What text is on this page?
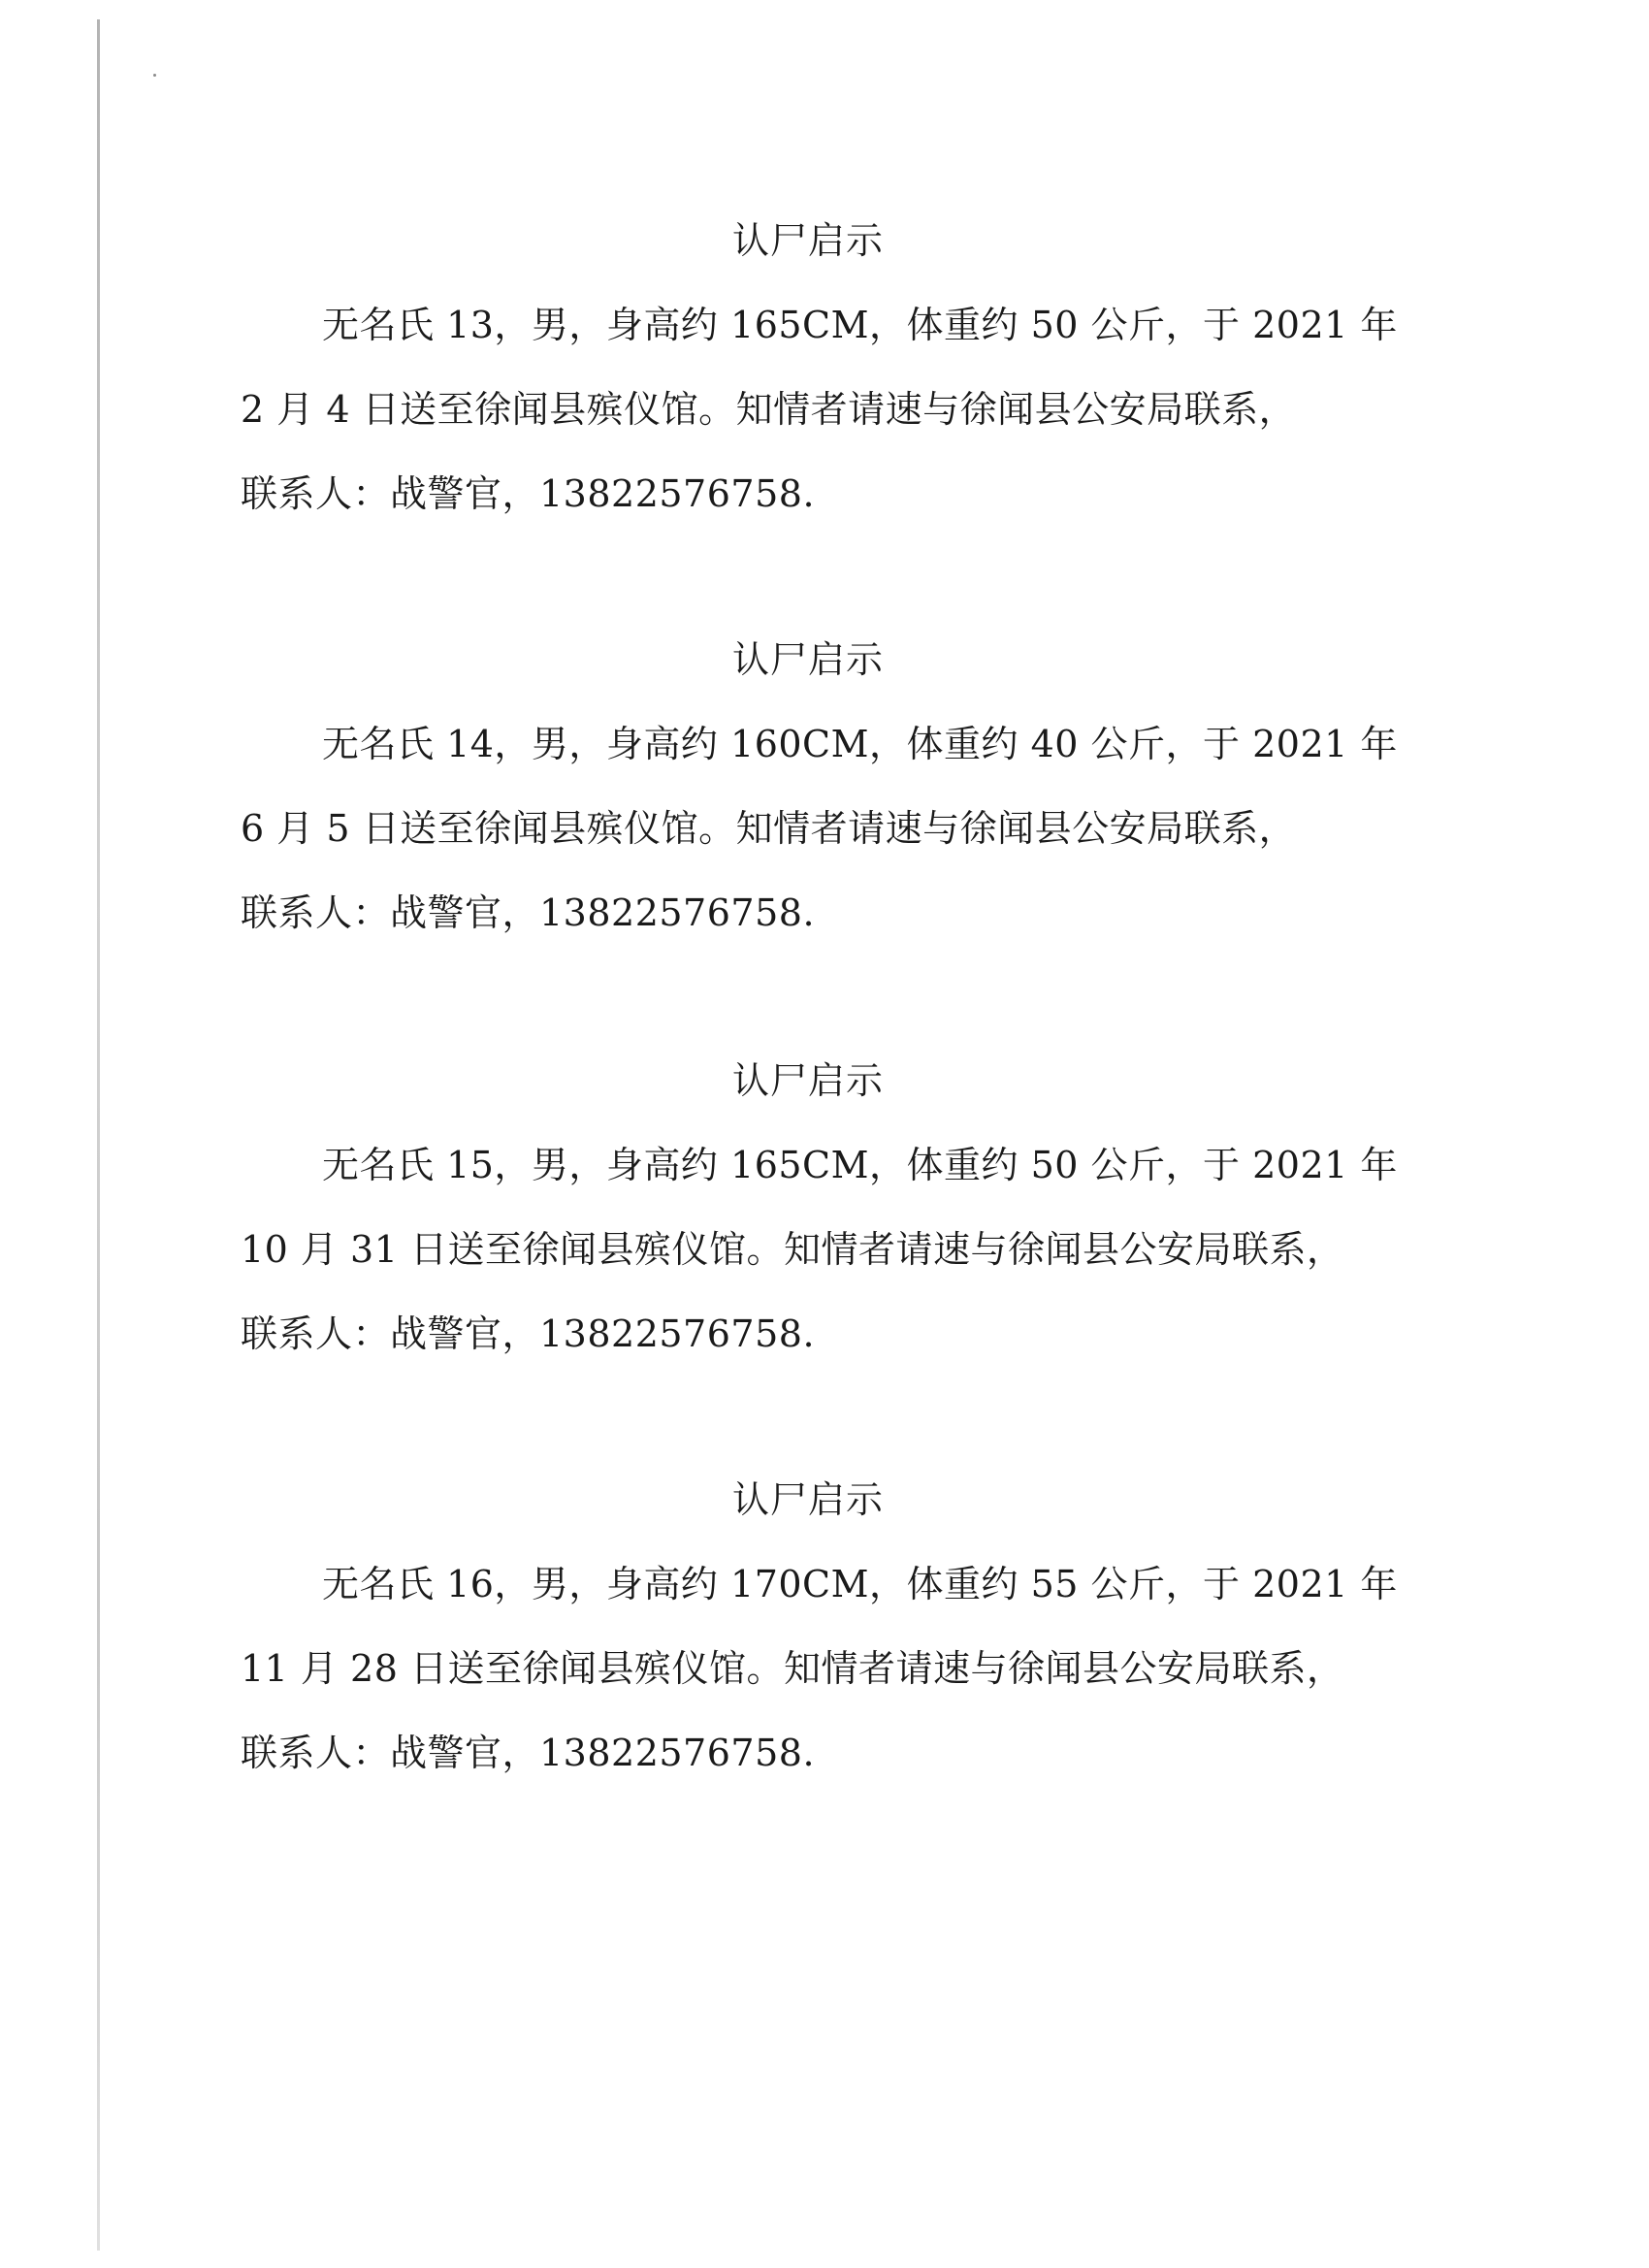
认尸启示

无名氏 13，男，身高约 165CM，体重约 50 公斤，于 2021 年

2 月 4 日送至徐闻县殡仪馆。知情者请速与徐闻县公安局联系，

联系人：战警官，13822576758.

认尸启示

无名氏 14，男，身高约 160CM，体重约 40 公斤，于 2021 年

6 月 5 日送至徐闻县殡仪馆。知情者请速与徐闻县公安局联系，

联系人：战警官，13822576758.

认尸启示

无名氏 15，男，身高约 165CM，体重约 50 公斤，于 2021 年

10 月 31 日送至徐闻县殡仪馆。知情者请速与徐闻县公安局联系，

联系人：战警官，13822576758.

认尸启示

无名氏 16，男，身高约 170CM，体重约 55 公斤，于 2021 年

11 月 28 日送至徐闻县殡仪馆。知情者请速与徐闻县公安局联系，

联系人：战警官，13822576758.
